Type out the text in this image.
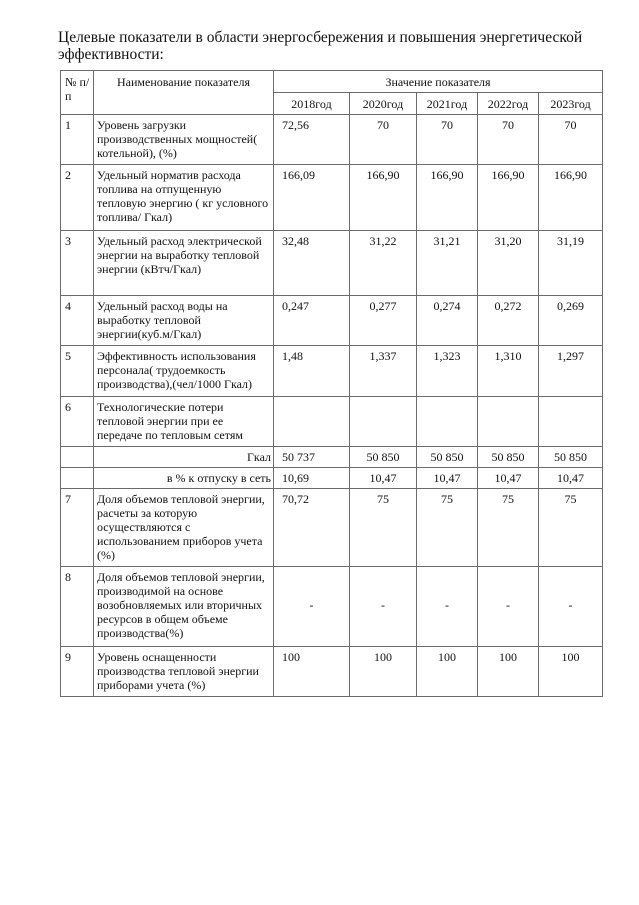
Целевые показатели в области энергосбережения и повышения энергетической эффективности:
№ п/п	Наименование показателя	Значение показателя				
		2018год	2020год	2021год	2022год	2023год
1	Уровень загрузки производственных мощностей( котельной), (%)	72,56	70	70	70	70
2	Удельный норматив расхода топлива на отпущенную тепловую энергию ( кг условного топлива/ Гкал)	166,09	166,90	166,90	166,90	166,90
3	Удельный расход электрической энергии на выработку тепловой энергии (кВтч/Гкал)	32,48	31,22	31,21	31,20	31,19
4	Удельный расход воды на выработку тепловой энергии(куб.м/Гкал)	0,247	0,277	0,274	0,272	0,269
5	Эффективность использования персонала( трудоемкость производства),(чел/1000 Гкал)	1,48	1,337	1,323	1,310	1,297
6	Технологические потери тепловой энергии при ее передаче по тепловым сетям					
	Гкал	50 737	50 850	50 850	50 850	50 850
	в % к отпуску в сеть	10,69	10,47	10,47	10,47	10,47
7	Доля объемов тепловой энергии, расчеты за которую осуществляются с использованием приборов учета (%)	70,72	75	75	75	75
8	Доля объемов тепловой энергии, производимой на основе возобновляемых или вторичных ресурсов в общем объеме производства(%)	-	-	-	-	-
9	Уровень оснащенности производства тепловой энергии приборами учета (%)	100	100	100	100	100
